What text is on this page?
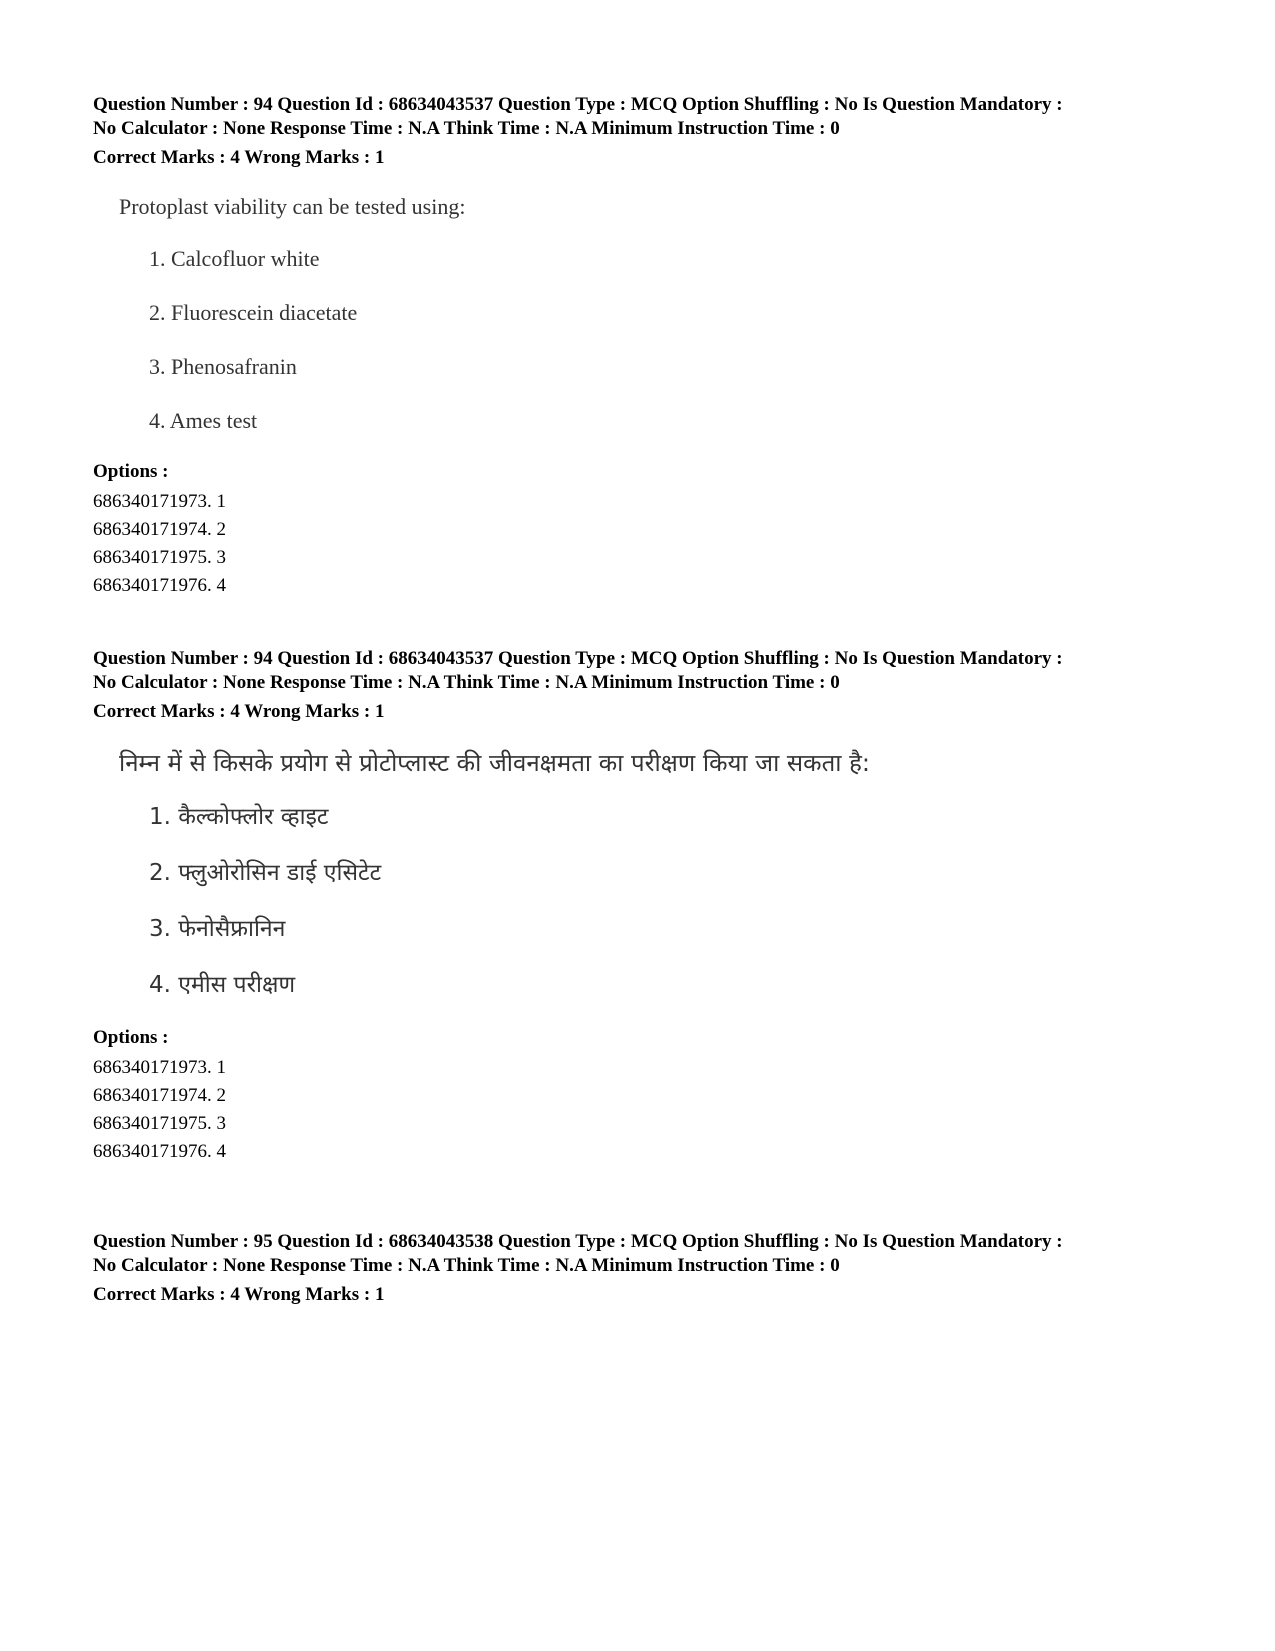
Question Number : 94 Question Id : 68634043537 Question Type : MCQ Option Shuffling : No Is Question Mandatory :

No Calculator : None Response Time : N.A Think Time : N.A Minimum Instruction Time : 0

Correct Marks : 4 Wrong Marks : 1

Protoplast viability can be tested using:
1. Calcofluor white
2. Fluorescein diacetate
3. Phenosafranin
4. Ames test

Options :

686340171973. 1

686340171974. 2

686340171975. 3

686340171976. 4

Question Number : 94 Question Id : 68634043537 Question Type : MCQ Option Shuffling : No Is Question Mandatory :

No Calculator : None Response Time : N.A Think Time : N.A Minimum Instruction Time : 0

Correct Marks : 4 Wrong Marks : 1

निम्न में से किसके प्रयोग से प्रोटोप्लास्ट की जीवनक्षमता का परीक्षण किया जा सकता है:
1. कैल्कोफ्लोर व्हाइट
2. फ्लुओरोसिन डाई एसिटेट
3. फेनोसैफ्रानिन
4. एमीस परीक्षण

Options :

686340171973. 1

686340171974. 2

686340171975. 3

686340171976. 4

Question Number : 95 Question Id : 68634043538 Question Type : MCQ Option Shuffling : No Is Question Mandatory :

No Calculator : None Response Time : N.A Think Time : N.A Minimum Instruction Time : 0

Correct Marks : 4 Wrong Marks : 1
